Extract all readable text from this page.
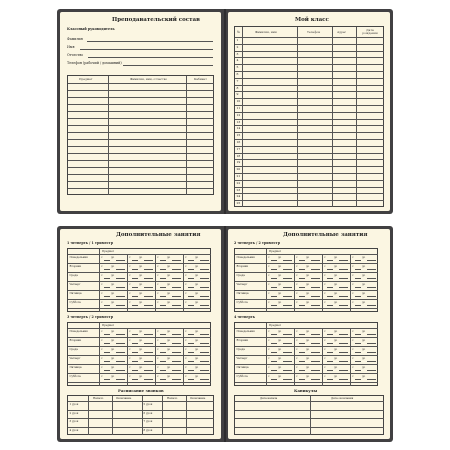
Преподавательский состав
Классный руководитель
Фамилия
Имя
Отчество
Телефон (рабочий / домашний)
Предмет	Фамилия, имя, отчество	Кабинет
Мой класс
№	Фамилия, имя	Телефон	Адрес	Дата рождения
1
2
3
4
5
6
7
8
9
10
11
12
13
14
15
16
17
18
19
20
21
22
23
24
25
Дополнительные занятия
1 четверть / 1 триместр
3 четверть / 2 триместр
Расписание звонков
Предмет
Понедельник	с	до	с	до	с	до	с	до
Вторник	с	до	с	до	с	до	с	до
Среда	с	до	с	до	с	до	с	до
Четверг	с	до	с	до	с	до	с	до
Пятница	с	до	с	до	с	до	с	до
Суббота	с	до	с	до	с	до	с	до
Предмет
Понедельник	с	до	с	до	с	до	с	до
Вторник	с	до	с	до	с	до	с	до
Среда	с	до	с	до	с	до	с	до
Четверг	с	до	с	до	с	до	с	до
Пятница	с	до	с	до	с	до	с	до
Суббота	с	до	с	до	с	до	с	до
Начало	Окончание	Начало	Окончание
1 урок	5 урок
2 урок	6 урок
3 урок	7 урок
4 урок	8 урок
Дополнительные занятия
2 четверть / 2 триместр
4 четверть
Каникулы
Предмет
Понедельник	с	до	с	до	с	до	с	до
Вторник	с	до	с	до	с	до	с	до
Среда	с	до	с	до	с	до	с	до
Четверг	с	до	с	до	с	до	с	до
Пятница	с	до	с	до	с	до	с	до
Суббота	с	до	с	до	с	до	с	до
Предмет
Понедельник	с	до	с	до	с	до	с	до
Вторник	с	до	с	до	с	до	с	до
Среда	с	до	с	до	с	до	с	до
Четверг	с	до	с	до	с	до	с	до
Пятница	с	до	с	до	с	до	с	до
Суббота	с	до	с	до	с	до	с	до
Дата начала	Дата окончания
